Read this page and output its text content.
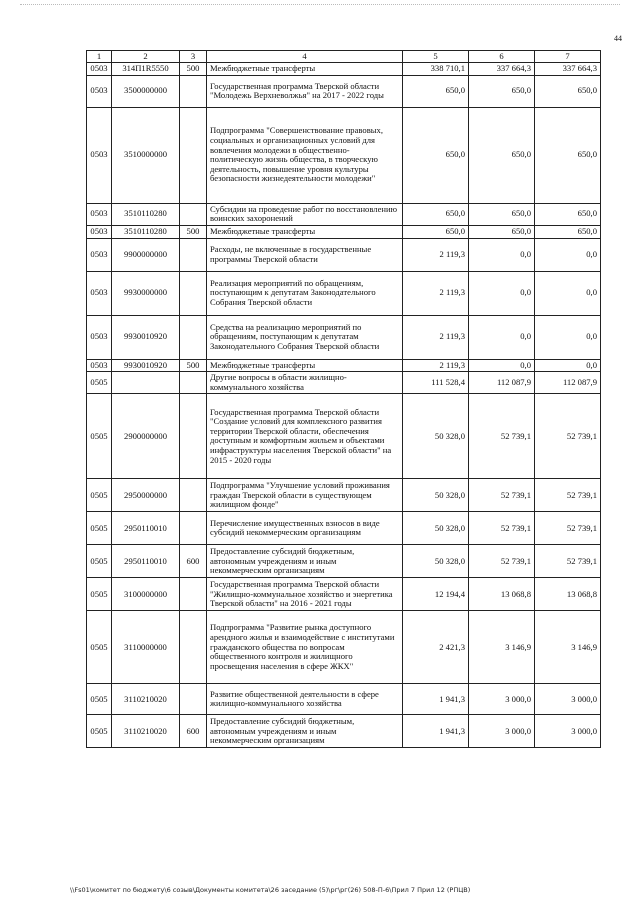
44
1	2	3	4	5	6	7
0503	314П1R5550	500	Межбюджетные трансферты	338 710,1	337 664,3	337 664,3
0503	3500000000		Государственная программа Тверской области "Молодежь Верхневолжья" на 2017 - 2022 годы	650,0	650,0	650,0
0503	3510000000		Подпрограмма "Совершенствование правовых, социальных и организационных условий для вовлечения молодежи в общественно-политическую жизнь общества, в творческую деятельность, повышение уровня культуры безопасности жизнедеятельности молодежи"	650,0	650,0	650,0
0503	3510110280		Субсидии на проведение работ по восстановлению воинских захоронений	650,0	650,0	650,0
0503	3510110280	500	Межбюджетные трансферты	650,0	650,0	650,0
0503	9900000000		Расходы, не включенные в государственные программы Тверской области	2 119,3	0,0	0,0
0503	9930000000		Реализация мероприятий по обращениям, поступающим к депутатам Законодательного Собрания Тверской области	2 119,3	0,0	0,0
0503	9930010920		Средства на реализацию мероприятий по обращениям, поступающим к депутатам Законодательного Собрания Тверской области	2 119,3	0,0	0,0
0503	9930010920	500	Межбюджетные трансферты	2 119,3	0,0	0,0
0505			Другие вопросы в области жилищно-коммунального хозяйства	111 528,4	112 087,9	112 087,9
0505	2900000000		Государственная программа Тверской области "Создание условий для комплексного развития территории Тверской области, обеспечения доступным и комфортным жильем и объектами инфраструктуры населения Тверской области" на 2015 - 2020 годы	50 328,0	52 739,1	52 739,1
0505	2950000000		Подпрограмма "Улучшение условий проживания граждан Тверской области в существующем жилищном фонде"	50 328,0	52 739,1	52 739,1
0505	2950110010		Перечисление имущественных взносов в виде субсидий некоммерческим организациям	50 328,0	52 739,1	52 739,1
0505	2950110010	600	Предоставление субсидий бюджетным, автономным учреждениям и иным некоммерческим организациям	50 328,0	52 739,1	52 739,1
0505	3100000000		Государственная программа Тверской области "Жилищно-коммунальное хозяйство и энергетика Тверской области" на 2016 - 2021 годы	12 194,4	13 068,8	13 068,8
0505	3110000000		Подпрограмма "Развитие рынка доступного арендного жилья и взаимодействие с институтами гражданского общества по вопросам общественного контроля и жилищного просвещения населения в сфере ЖКХ"	2 421,3	3 146,9	3 146,9
0505	3110210020		Развитие общественной деятельности в сфере жилищно-коммунального хозяйства	1 941,3	3 000,0	3 000,0
0505	3110210020	600	Предоставление субсидий бюджетным, автономным учреждениям и иным некоммерческим организациям	1 941,3	3 000,0	3 000,0
\\Fs01\комитет по бюджету\6 созыв\Документы комитета\26 заседание (5)\рг\рг(26) 508-П-6\Прил 7 Прил 12 (РПЦВ)
